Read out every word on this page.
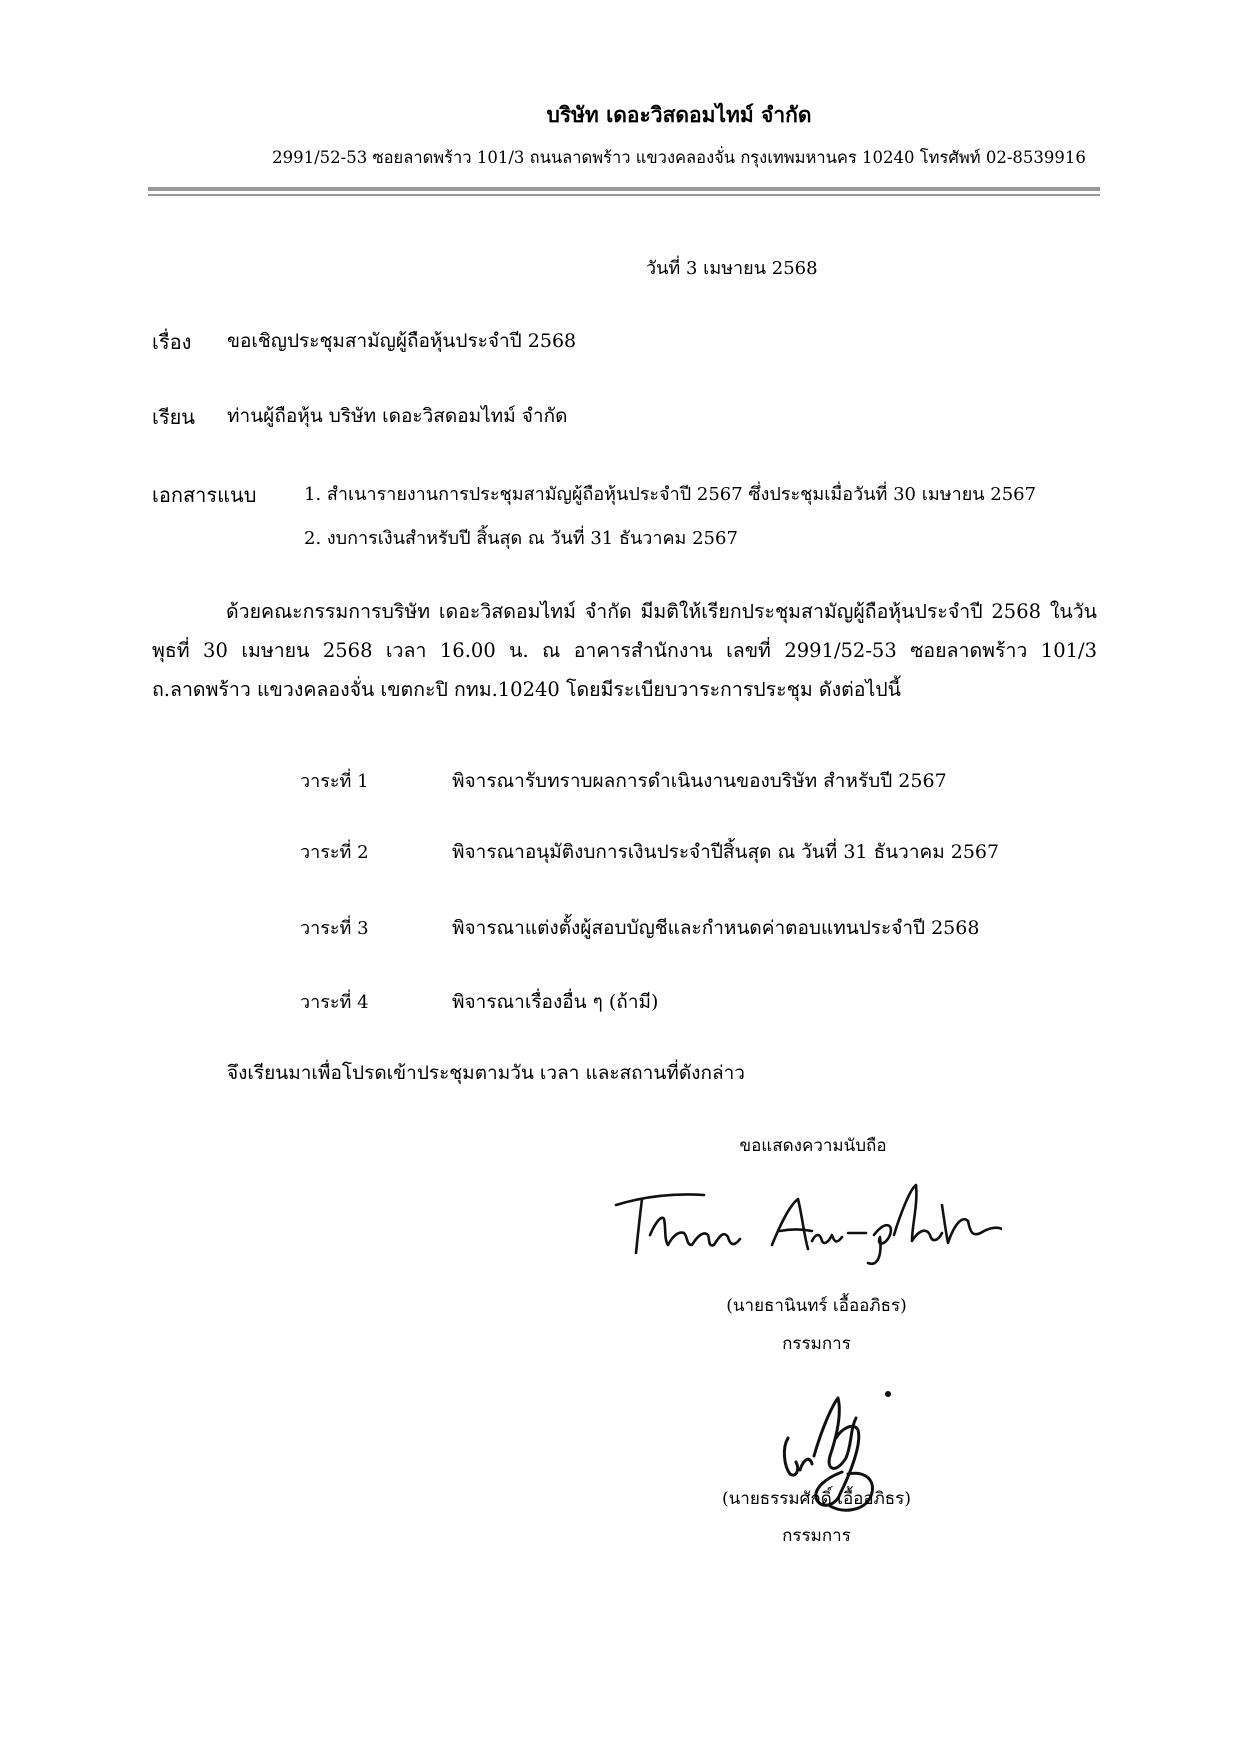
บริษัท เดอะวิสดอมไทม์ จำกัด
2991/52-53 ซอยลาดพร้าว 101/3 ถนนลาดพร้าว แขวงคลองจั่น กรุงเทพมหานคร 10240 โทรศัพท์ 02-8539916
วันที่ 3 เมษายน 2568
เรื่อง ขอเชิญประชุมสามัญผู้ถือหุ้นประจำปี 2568
เรียน ท่านผู้ถือหุ้น บริษัท เดอะวิสดอมไทม์ จำกัด
เอกสารแนบ	1. สำเนารายงานการประชุมสามัญผู้ถือหุ้นประจำปี 2567 ซึ่งประชุมเมื่อวันที่ 30 เมษายน 2567
2. งบการเงินสำหรับปี สิ้นสุด ณ วันที่ 31 ธันวาคม 2567
ด้วยคณะกรรมการบริษัท เดอะวิสดอมไทม์ จำกัด มีมติให้เรียกประชุมสามัญผู้ถือหุ้นประจำปี 2568 ในวันพุธที่ 30 เมษายน 2568 เวลา 16.00 น. ณ อาคารสำนักงาน เลขที่ 2991/52-53 ซอยลาดพร้าว 101/3 ถ.ลาดพร้าว แขวงคลองจั่น เขตกะปิ กทม.10240 โดยมีระเบียบวาระการประชุม ดังต่อไปนี้
วาระที่ 1	พิจารณารับทราบผลการดำเนินงานของบริษัท สำหรับปี 2567
วาระที่ 2	พิจารณาอนุมัติงบการเงินประจำปีสิ้นสุด ณ วันที่ 31 ธันวาคม 2567
วาระที่ 3	พิจารณาแต่งตั้งผู้สอบบัญชีและกำหนดค่าตอบแทนประจำปี 2568
วาระที่ 4	พิจารณาเรื่องอื่น ๆ (ถ้ามี)
จึงเรียนมาเพื่อโปรดเข้าประชุมตามวัน เวลา และสถานที่ดังกล่าว
ขอแสดงความนับถือ
(นายธานินทร์ เอื้ออภิธร)
กรรมการ
(นายธรรมศักดิ์ เอื้ออภิธร)
กรรมการ
